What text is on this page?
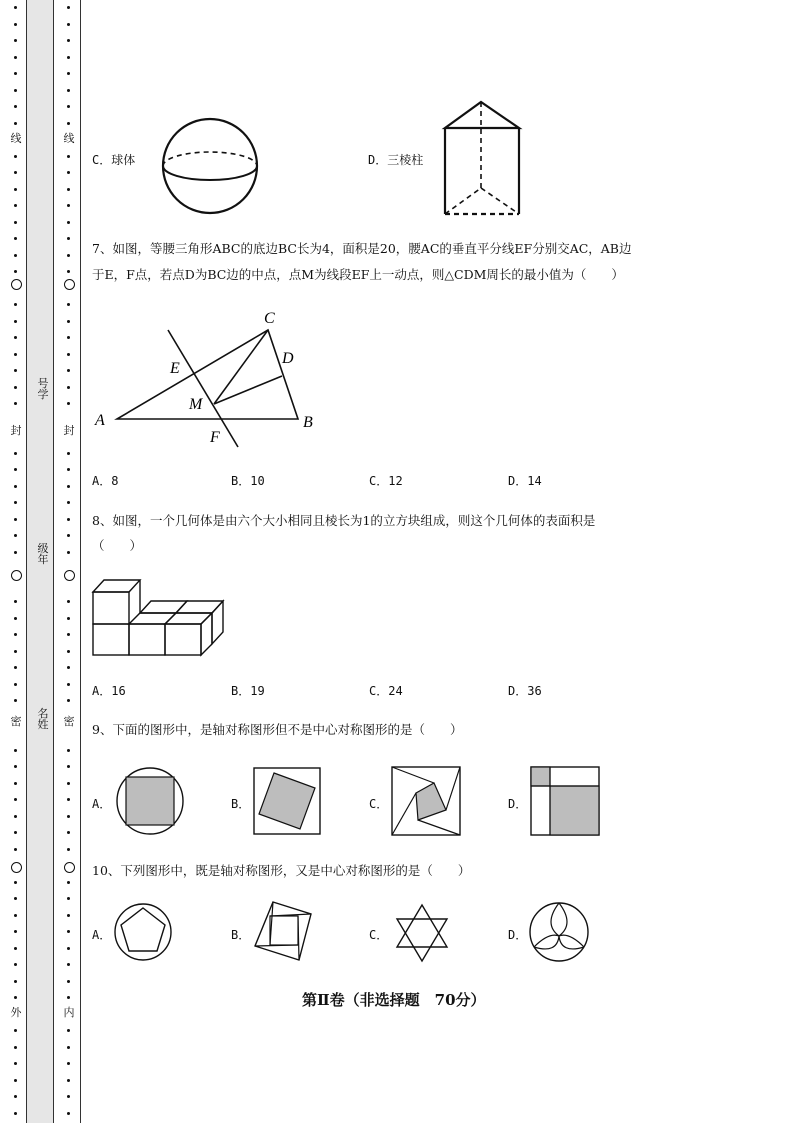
线
封
密
外
线
封
密
内
号学
级年
名姓
C．球体	D．三棱柱
7、如图，等腰三角形ABC的底边BC长为4，面积是20，腰AC的垂直平分线EF分别交AC，AB边
于E，F点，若点D为BC边的中点，点M为线段EF上一动点，则△CDM周长的最小值为（　　）
C
D
E
M
A	B
F
A．8	B．10	C．12	D．14
8、如图，一个几何体是由六个大小相同且棱长为1的立方块组成，则这个几何体的表面积是
（　　）
A．16	B．19	C．24	D．36
9、下面的图形中，是轴对称图形但不是中心对称图形的是（　　）
A．	B．	C．	D．
10、下列图形中，既是轴对称图形，又是中心对称图形的是（　　）
A．	B．	C．	D．
第Ⅱ卷（非选择题　70分）
